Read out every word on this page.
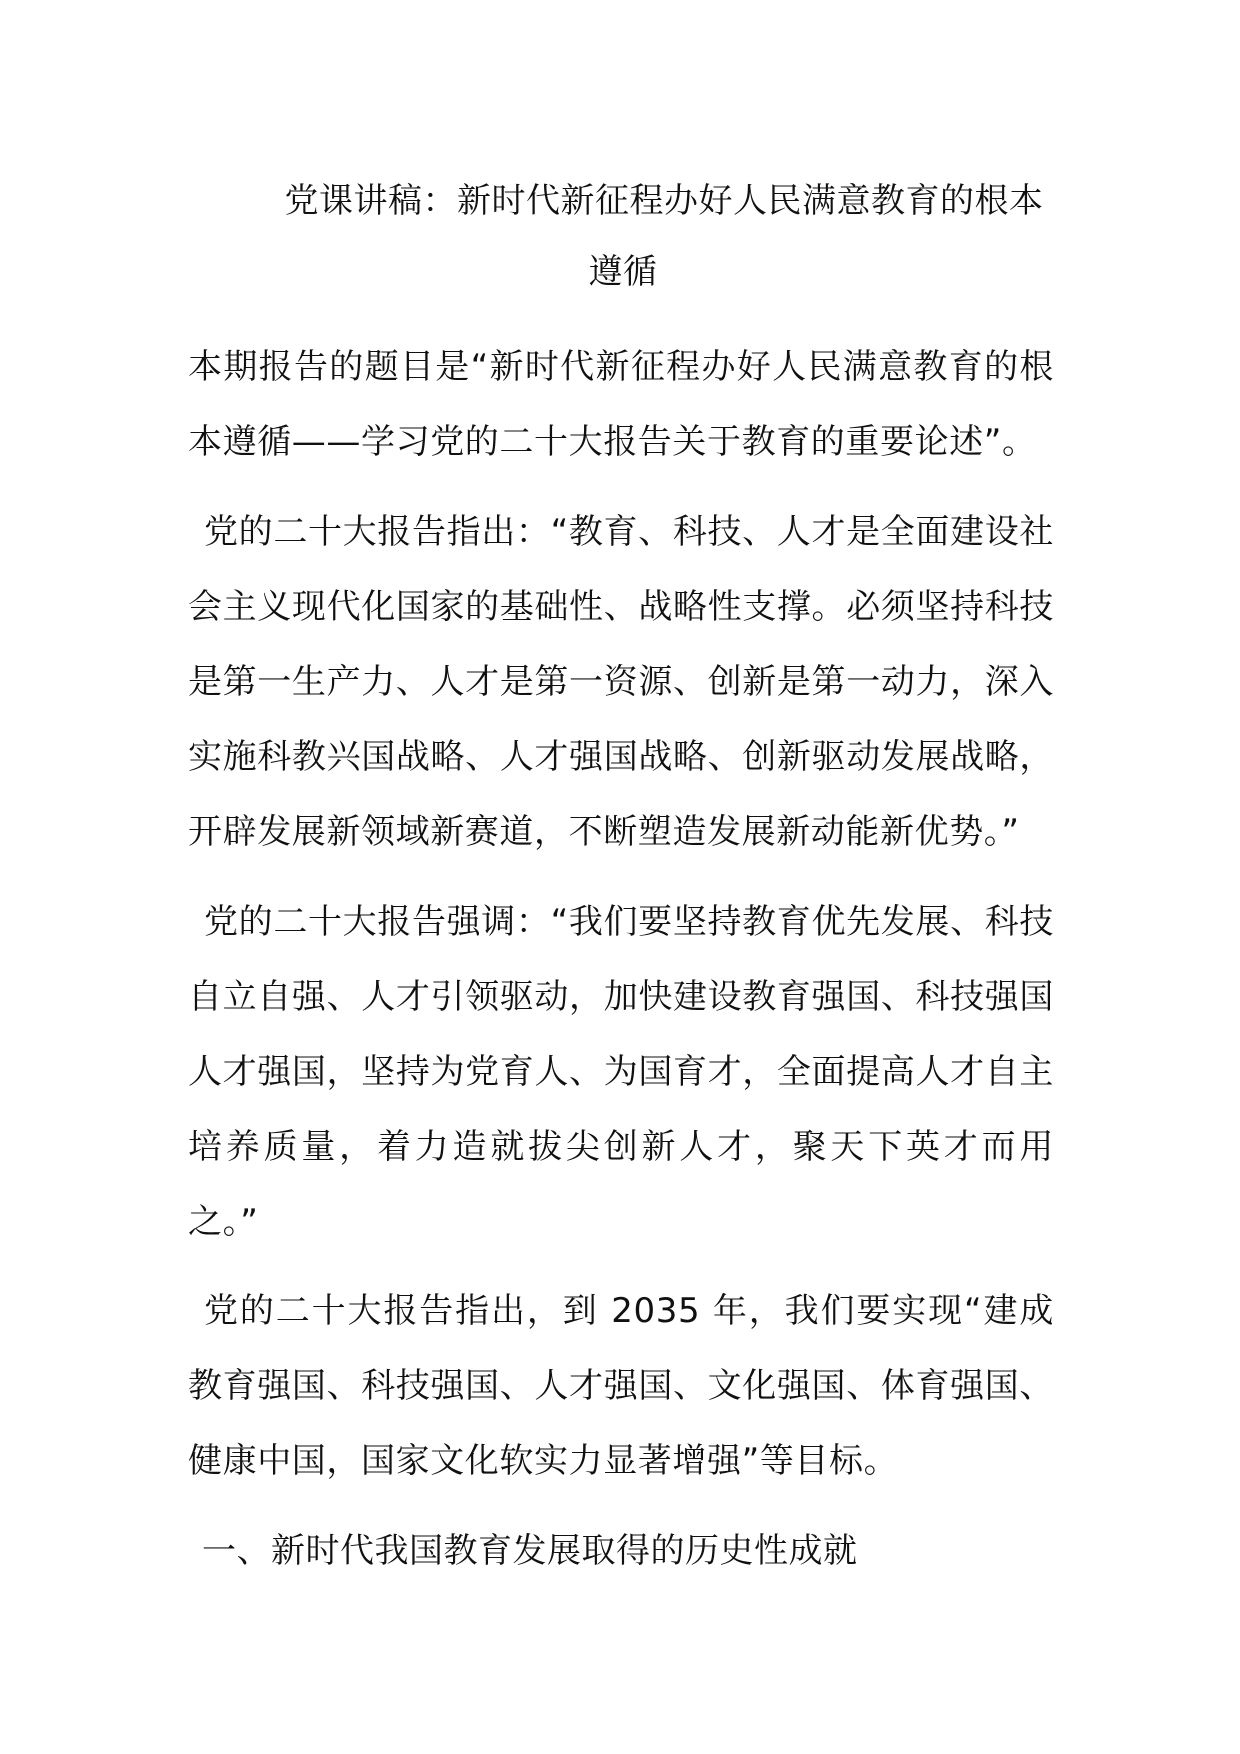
党课讲稿：新时代新征程办好人民满意教育的根本遵循

本期报告的题目是“新时代新征程办好人民满意教育的根本遵循——学习党的二十大报告关于教育的重要论述”。

党的二十大报告指出：“教育、科技、人才是全面建设社会主义现代化国家的基础性、战略性支撑。必须坚持科技是第一生产力、人才是第一资源、创新是第一动力，深入实施科教兴国战略、人才强国战略、创新驱动发展战略，开辟发展新领域新赛道，不断塑造发展新动能新优势。”

党的二十大报告强调：“我们要坚持教育优先发展、科技自立自强、人才引领驱动，加快建设教育强国、科技强国人才强国，坚持为党育人、为国育才，全面提高人才自主培养质量，着力造就拔尖创新人才，聚天下英才而用之。”

党的二十大报告指出，到 2035 年，我们要实现“建成教育强国、科技强国、人才强国、文化强国、体育强国、健康中国，国家文化软实力显著增强”等目标。

一、新时代我国教育发展取得的历史性成就
